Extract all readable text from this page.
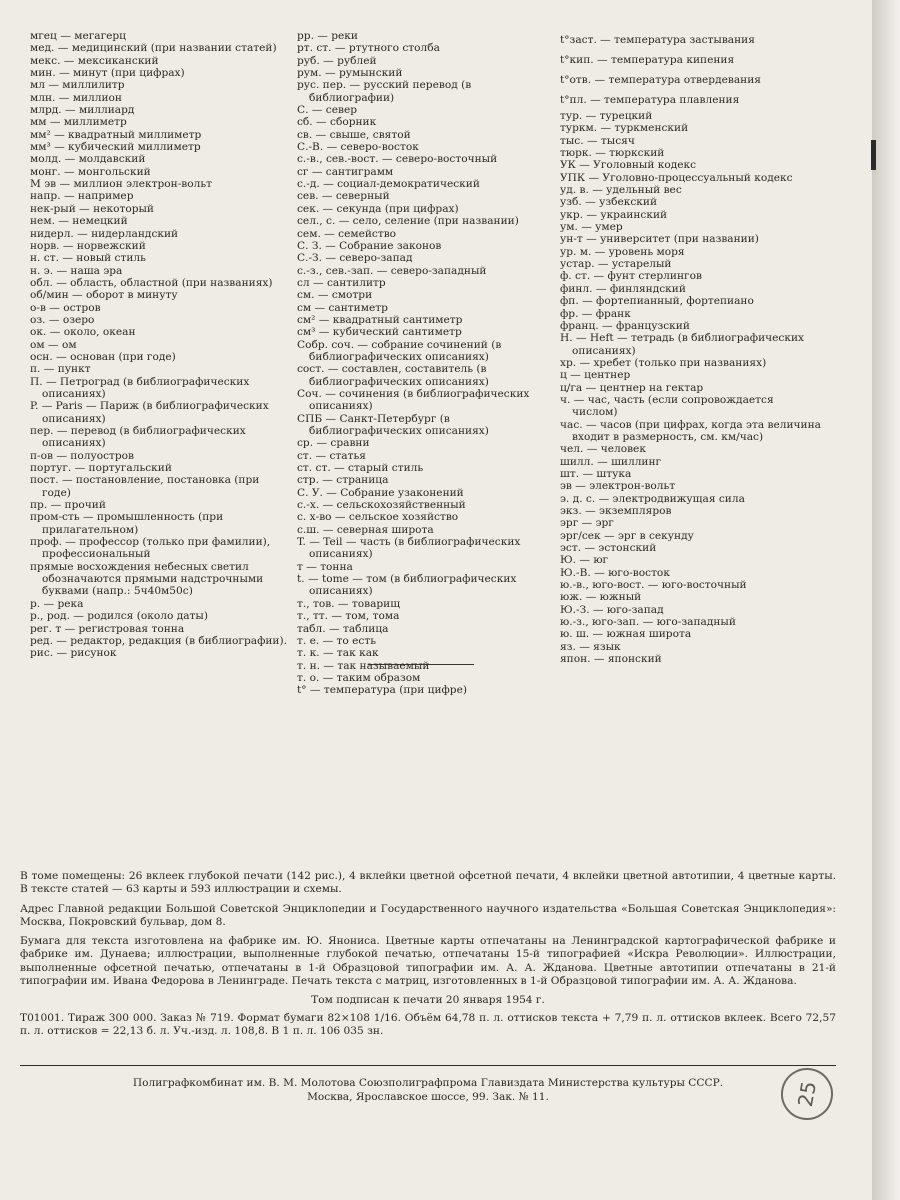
мгец — мегагерц
мед. — медицинский (при названии статей)
мекс. — мексиканский
мин. — минут (при цифрах)
мл — миллилитр
млн. — миллион
млрд. — миллиард
мм — миллиметр
мм² — квадратный миллиметр
мм³ — кубический миллиметр
молд. — молдавский
монг. — монгольский
М эв — миллион электрон-вольт
напр. — например
нек-рый — некоторый
нем. — немецкий
нидерл. — нидерландский
норв. — норвежский
н. ст. — новый стиль
н. э. — наша эра
обл. — область, областной (при названиях)
об/мин — оборот в минуту
о-в — остров
оз. — озеро
ок. — около, океан
ом — ом
осн. — основан (при годе)
п. — пункт
П. — Петроград (в библиографических описаниях)
P. — Paris — Париж (в библиографических описаниях)
пер. — перевод (в библиографических описаниях)
п-ов — полуостров
португ. — португальский
пост. — постановление, постановка (при годе)
пр. — прочий
пром-сть — промышленность (при прилагательном)
проф. — профессор (только при фамилии), профессиональный
прямые восхождения небесных светил обозначаются прямыми надстрочными буквами (напр.: 5ч40м50с)
р. — река
р., род. — родился (около даты)
рег. т — регистровая тонна
ред. — редактор, редакция (в библиографии).
рис. — рисунок
рр. — реки
рт. ст. — ртутного столба
руб. — рублей
рум. — румынский
рус. пер. — русский перевод (в библиографии)
С. — север
сб. — сборник
св. — свыше, святой
С.-В. — северо-восток
с.-в., сев.-вост. — северо-восточный
сг — сантиграмм
с.-д. — социал-демократический
сев. — северный
сек. — секунда (при цифрах)
сел., с. — село, селение (при названии)
сем. — семейство
С. З. — Собрание законов
С.-З. — северо-запад
с.-з., сев.-зап. — северо-западный
сл — сантилитр
см. — смотри
см — сантиметр
см² — квадратный сантиметр
см³ — кубический сантиметр
Собр. соч. — собрание сочинений (в библиографических описаниях)
сост. — составлен, составитель (в библиографических описаниях)
Соч. — сочинения (в библиографических описаниях)
СПБ — Санкт-Петербург (в библиографических описаниях)
ср. — сравни
ст. — статья
ст. ст. — старый стиль
стр. — страница
С. У. — Собрание узаконений
с.-х. — сельскохозяйственный
с. х-во — сельское хозяйство
с.ш. — северная широта
T. — Teil — часть (в библиографических описаниях)
т — тонна
t. — tome — том (в библиографических описаниях)
т., тов. — товарищ
т., тт. — том, тома
табл. — таблица
т. е. — то есть
т. к. — так как
т. н. — так называемый
т. о. — таким образом
t° — температура (при цифре)
t°заст. — температура застывания
t°кип. — температура кипения
t°отв. — температура отвердевания
t°пл. — температура плавления
тур. — турецкий
туркм. — туркменский
тыс. — тысяч
тюрк. — тюркский
УК — Уголовный кодекс
УПК — Уголовно-процессуальный кодекс
уд. в. — удельный вес
узб. — узбекский
укр. — украинский
ум. — умер
ун-т — университет (при названии)
ур. м. — уровень моря
устар. — устарелый
ф. ст. — фунт стерлингов
финл. — финляндский
фп. — фортепианный, фортепиано
фр. — франк
франц. — французский
H. — Heft — тетрадь (в библиографических описаниях)
хр. — хребет (только при названиях)
ц — центнер
ц/га — центнер на гектар
ч. — час, часть (если сопровождается числом)
час. — часов (при цифрах, когда эта величина входит в размерность, см. км/час)
чел. — человек
шилл. — шиллинг
шт. — штука
эв — электрон-вольт
э. д. с. — электродвижущая сила
экз. — экземпляров
эрг — эрг
эрг/сек — эрг в секунду
эст. — эстонский
Ю. — юг
Ю.-В. — юго-восток
ю.-в., юго-вост. — юго-восточный
юж. — южный
Ю.-З. — юго-запад
ю.-з., юго-зап. — юго-западный
ю. ш. — южная широта
яз. — язык
япон. — японский

В томе помещены: 26 вклеек глубокой печати (142 рис.), 4 вклейки цветной офсетной печати, 4 вклейки цветной автотипии, 4 цветные карты. В тексте статей — 63 карты и 593 иллюстрации и схемы.

Адрес Главной редакции Большой Советской Энциклопедии и Государственного научного издательства «Большая Советская Энциклопедия»: Москва, Покровский бульвар, дом 8.

Бумага для текста изготовлена на фабрике им. Ю. Янониса. Цветные карты отпечатаны на Ленинградской картографической фабрике и фабрике им. Дунаева; иллюстрации, выполненные глубокой печатью, отпечатаны 15-й типографией «Искра Революции». Иллюстрации, выполненные офсетной печатью, отпечатаны в 1-й Образцовой типографии им. А. А. Жданова. Цветные автотипии отпечатаны в 21-й типографии им. Ивана Федорова в Ленинграде. Печать текста с матриц, изготовленных в 1-й Образцовой типографии им. А. А. Жданова.

Том подписан к печати 20 января 1954 г.

Т01001. Тираж 300 000. Заказ № 719. Формат бумаги 82×108 1/16. Объём 64,78 п. л. оттисков текста + 7,79 п. л. оттисков вклеек. Всего 72,57 п. л. оттисков = 22,13 б. л. Уч.-изд. л. 108,8. В 1 п. л. 106 035 зн.

Полиграфкомбинат им. В. М. Молотова Союзполиграфпрома Главиздата Министерства культуры СССР.
Москва, Ярославское шоссе, 99. Зак. № 11.	25
